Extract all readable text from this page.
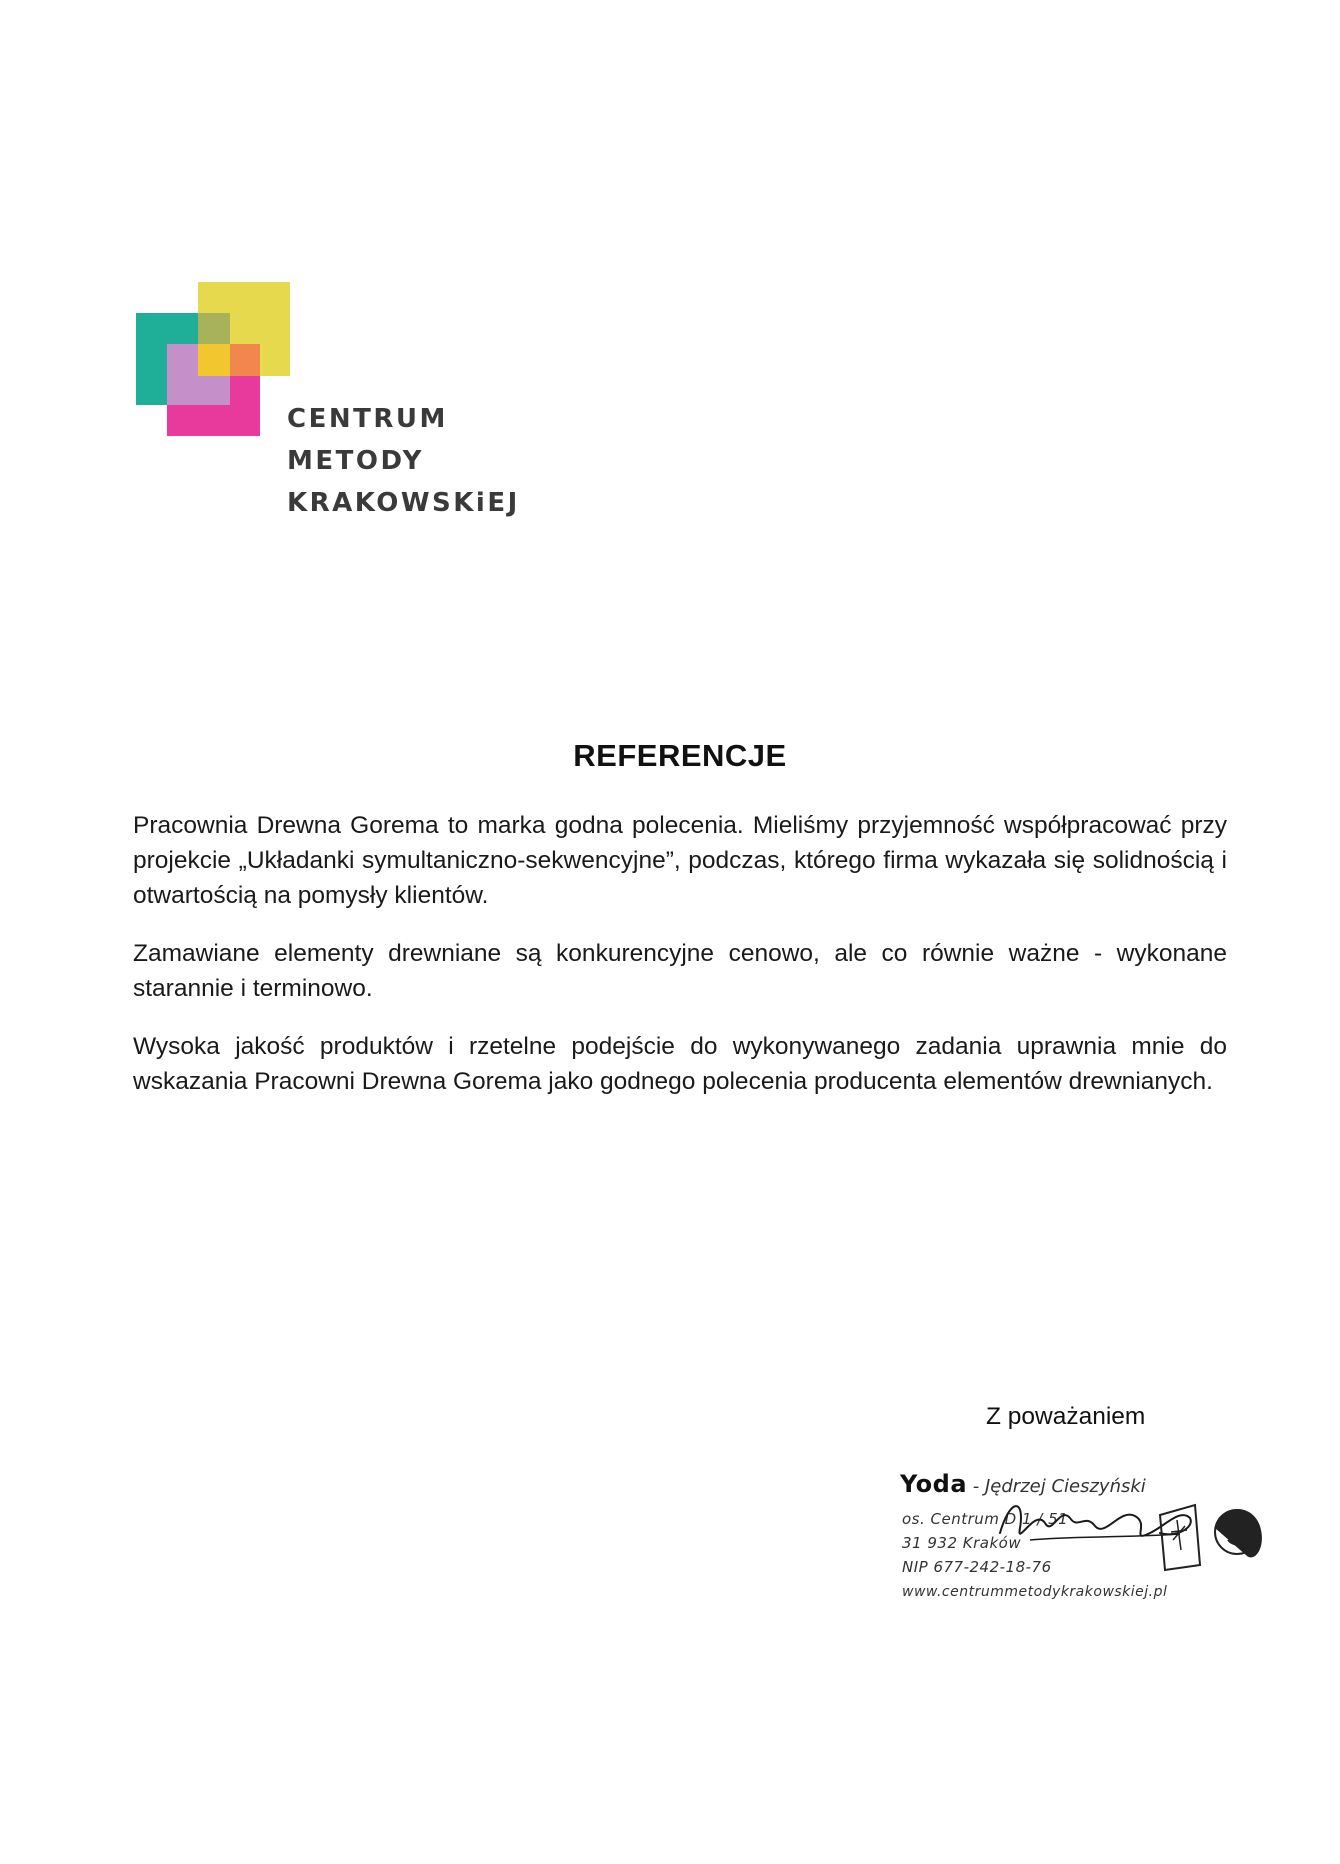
CENTRUM
METODY
KRAKOWSKiEJ
REFERENCJE

Pracownia Drewna Gorema to marka godna polecenia. Mieliśmy przyjemność współpracować przy projekcie „Układanki symultaniczno-sekwencyjne”, podczas, którego firma wykazała się solidnością i otwartością na pomysły klientów.

Zamawiane elementy drewniane są konkurencyjne cenowo, ale co równie ważne - wykonane starannie i terminowo.

Wysoka jakość produktów i rzetelne podejście do wykonywanego zadania uprawnia mnie do wskazania Pracowni Drewna Gorema jako godnego polecenia producenta elementów drewnianych.

Z poważaniem
Yoda - Jędrzej Cieszyński
os. Centrum D 1 / 51
31 932 Kraków
NIP 677-242-18-76
www.centrummetodykrakowskiej.pl
